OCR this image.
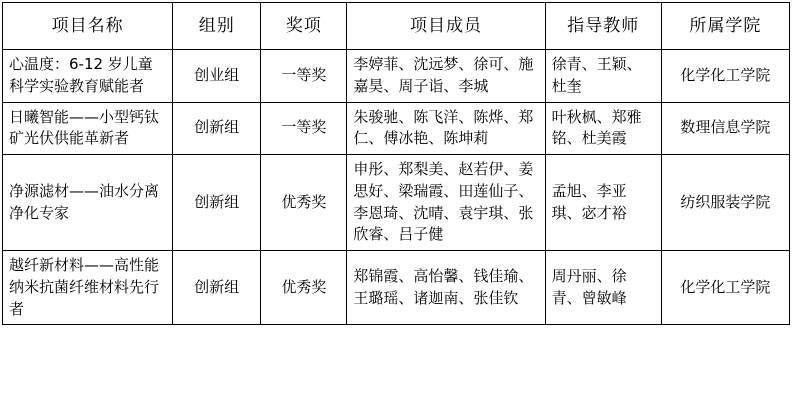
项目名称	组别	奖项	项目成员	指导教师	所属学院
心温度：6-12 岁儿童科学实验教育赋能者	创业组	一等奖	李婷菲、沈远梦、徐可、施嘉昊、周子诣、李城	徐青、王颖、杜奎	化学化工学院
日曦智能——小型钙钛矿光伏供能革新者	创新组	一等奖	朱骏驰、陈飞洋、陈烨、郑仁、傅冰艳、陈坤莉	叶秋枫、郑雅铭、杜美霞	数理信息学院
净源滤材——油水分离净化专家	创新组	优秀奖	申彤、郑梨美、赵若伊、姜思好、梁瑞霞、田莲仙子、李恩琦、沈晴、袁宇琪、张欣睿、吕子健	孟旭、李亚琪、宓才裕	纺织服装学院
越纤新材料——高性能纳米抗菌纤维材料先行者	创新组	优秀奖	郑锦霞、高怡馨、钱佳瑜、王璐瑶、诸迦南、张佳钦	周丹丽、徐青、曾敏峰	化学化工学院
